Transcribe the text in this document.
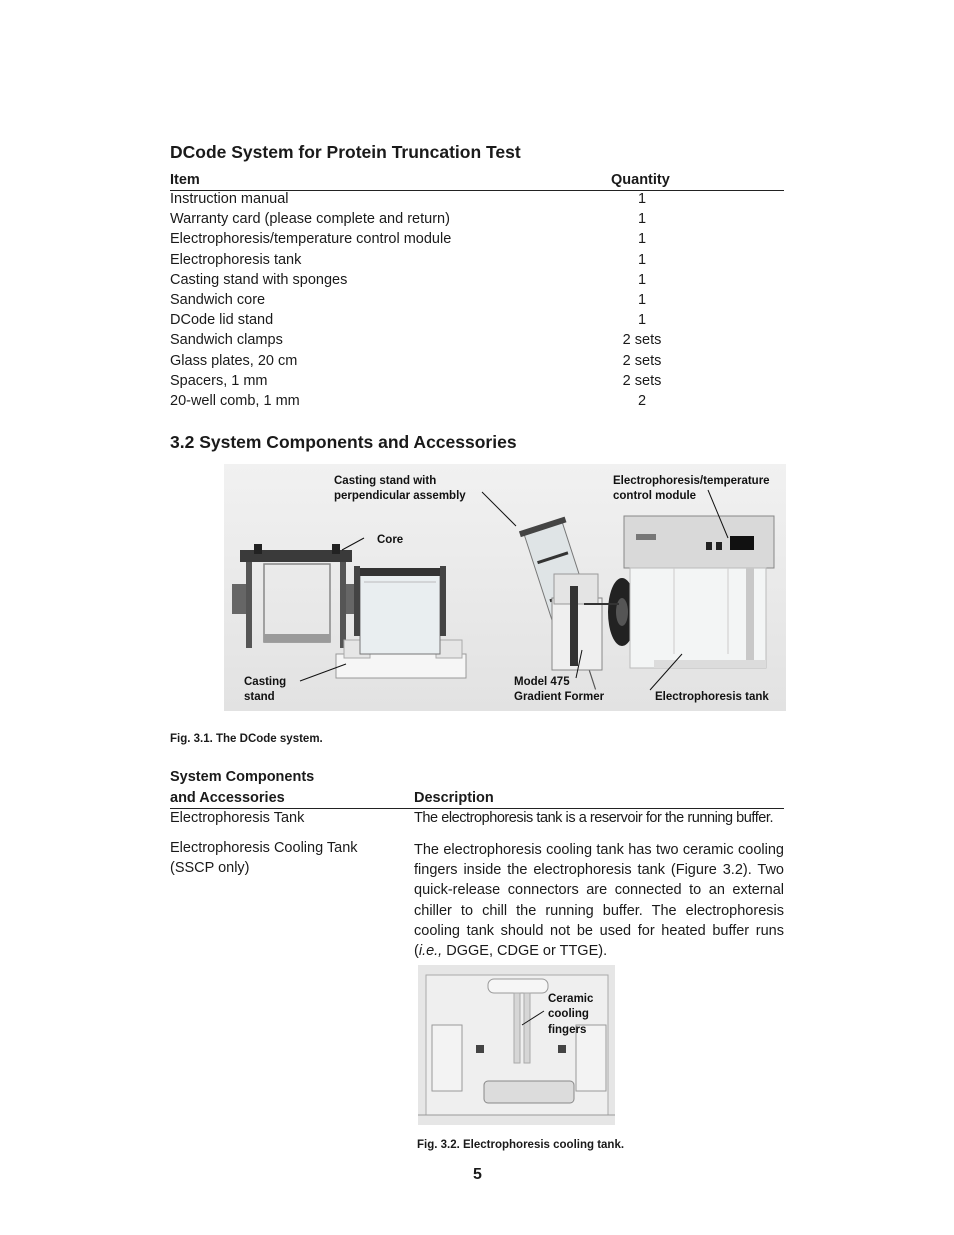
DCode System for Protein Truncation Test
Item	Quantity
Instruction manual	1
Warranty card (please complete and return)	1
Electrophoresis/temperature control module	1
Electrophoresis tank	1
Casting stand with sponges	1
Sandwich core	1
DCode lid stand	1
Sandwich clamps	2 sets
Glass plates, 20 cm	2 sets
Spacers, 1 mm	2 sets
20-well comb, 1 mm	2
3.2 System Components and Accessories
Casting stand with
perpendicular assembly
Electrophoresis/temperature
control module
Core
Casting
stand
Model 475
Gradient Former	Electrophoresis tank
Fig. 3.1. The DCode system.
System Components
and Accessories	Description
Electrophoresis Tank	The electrophoresis tank is a reservoir for the running buffer.
Electrophoresis Cooling Tank
(SSCP only)
The electrophoresis cooling tank has two ceramic cooling
fingers inside the electrophoresis tank (Figure 3.2). Two
quick-release connectors are connected to an external
chiller to chill the running buffer. The electrophoresis
cooling tank should not be used for heated buffer runs
(i.e., DGGE, CDGE or TTGE).
Ceramic
cooling
fingers
Fig. 3.2. Electrophoresis cooling tank.
5
